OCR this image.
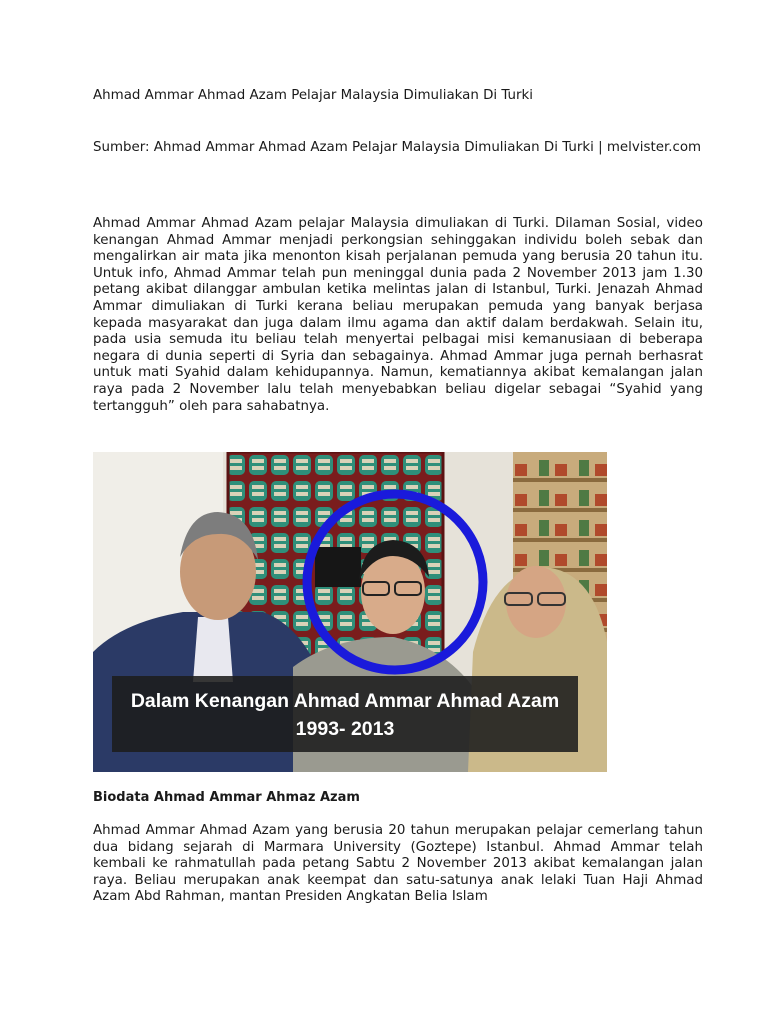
Ahmad Ammar Ahmad Azam Pelajar Malaysia Dimuliakan Di Turki

Sumber: Ahmad Ammar Ahmad Azam Pelajar Malaysia Dimuliakan Di Turki | melvister.com

Ahmad Ammar Ahmad Azam pelajar Malaysia dimuliakan di Turki. Dilaman Sosial, video kenangan Ahmad Ammar menjadi perkongsian sehinggakan individu boleh sebak dan mengalirkan air mata jika menonton kisah perjalanan pemuda yang berusia 20 tahun itu. Untuk info, Ahmad Ammar telah pun meninggal dunia pada 2 November 2013 jam 1.30 petang akibat dilanggar ambulan ketika melintas jalan di Istanbul, Turki. Jenazah Ahmad Ammar dimuliakan di Turki kerana beliau merupakan pemuda yang banyak berjasa kepada masyarakat dan juga dalam ilmu agama dan aktif dalam berdakwah. Selain itu, pada usia semuda itu beliau telah menyertai pelbagai misi kemanusiaan di beberapa negara di dunia seperti di Syria dan sebagainya. Ahmad Ammar juga pernah berhasrat untuk mati Syahid dalam kehidupannya. Namun, kematiannya akibat kemalangan jalan raya pada 2 November lalu telah menyebabkan beliau digelar sebagai “Syahid yang tertangguh” oleh para sahabatnya.

Dalam Kenangan Ahmad Ammar Ahmad Azam
1993- 2013

Biodata Ahmad Ammar Ahmaz Azam

Ahmad Ammar Ahmad Azam yang berusia 20 tahun merupakan pelajar cemerlang tahun dua bidang sejarah di Marmara University (Goztepe) Istanbul. Ahmad Ammar telah kembali ke rahmatullah pada petang Sabtu 2 November 2013 akibat kemalangan jalan raya. Beliau merupakan anak keempat dan satu-satunya anak lelaki Tuan Haji Ahmad Azam Abd Rahman, mantan Presiden Angkatan Belia Islam
